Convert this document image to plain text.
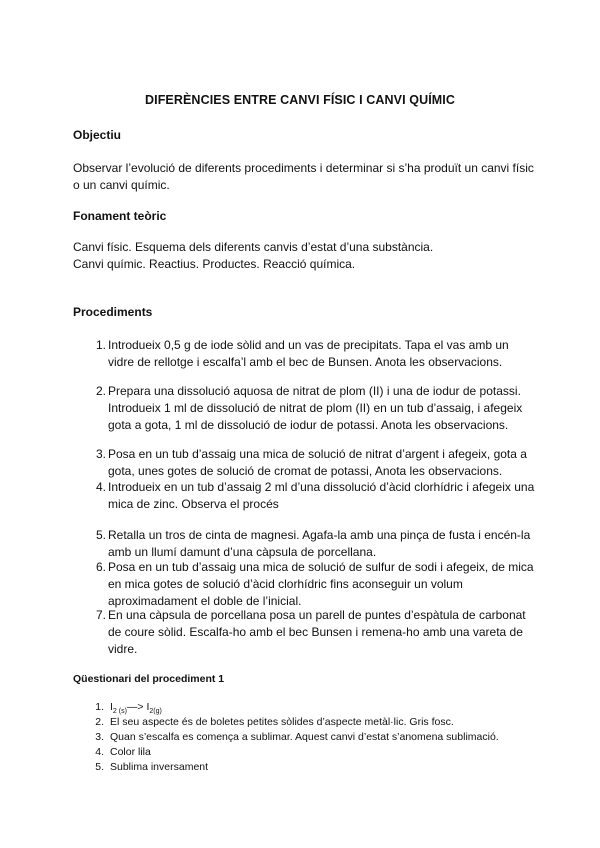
DIFERÈNCIES ENTRE CANVI FÍSIC I CANVI QUÍMIC
Objectiu
Observar l’evolució de diferents procediments i determinar si s’ha produït un canvi físic o un canvi químic.
Fonament teòric
Canvi físic. Esquema dels diferents canvis d’estat d’una substància.
Canvi químic. Reactius. Productes. Reacció química.
Procediments
1. Introdueix 0,5 g de iode sòlid and un vas de precipitats. Tapa el vas amb un vidre de rellotge i escalfa’l amb el bec de Bunsen. Anota les observacions.
2. Prepara una dissolució aquosa de nitrat de plom (II) i una de iodur de potassi. Introdueix 1 ml de dissolució de nitrat de plom (II) en un tub d’assaig, i afegeix gota a gota, 1 ml de dissolució de iodur de potassi. Anota les observacions.
3. Posa en un tub d’assaig una mica de solució de nitrat d’argent i afegeix, gota a gota, unes gotes de solució de cromat de potassi, Anota les observacions.
4. Introdueix en un tub d’assaig 2 ml d’una dissolució d’àcid clorhídric i afegeix una mica de zinc. Observa el procés
5. Retalla un tros de cinta de magnesi. Agafa-la amb una pinça de fusta i encén-la amb un llumí damunt d’una càpsula de porcellana.
6. Posa en un tub d’assaig una mica de solució de sulfur de sodi i afegeix, de mica en mica gotes de solució d’àcid clorhídric fins aconseguir un volum aproximadament el doble de l’inicial.
7. En una càpsula de porcellana posa un parell de puntes d’espàtula de carbonat de coure sòlid. Escalfa-ho amb el bec Bunsen i remena-ho amb una vareta de vidre.
Qüestionari del procediment 1
1. $I_{2 (s)}—> I_{2(g)}$
2. El seu aspecte és de boletes petites sòlides d’aspecte metàl·lic. Gris fosc.
3. Quan s’escalfa es comença a sublimar. Aquest canvi d’estat s’anomena sublimació.
4. Color lila
5. Sublima inversament
